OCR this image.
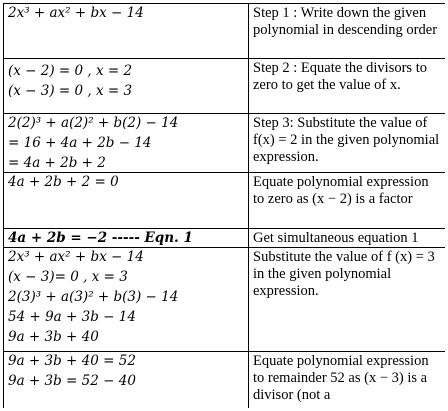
2x³ + ax² + bx − 14	Step 1 : Write down the given polynomial in descending order

(x − 2) = 0 , x = 2
(x − 3) = 0 , x = 3	Step 2 : Equate the divisors to zero to get the value of x.

2(2)³ + a(2)² + b(2) − 14
= 16 + 4a + 2b − 14
= 4a + 2b + 2	Step 3: Substitute the value of f(x) = 2 in the given polynomial expression.

4a + 2b + 2 = 0	Equate polynomial expression to zero as (x − 2) is a factor

4a + 2b = −2 ----- Eqn. 1	Get simultaneous equation 1

2x³ + ax² + bx − 14
(x − 3)= 0 , x = 3
2(3)³ + a(3)² + b(3) − 14
54 + 9a + 3b − 14
9a + 3b + 40	Substitute the value of f (x) = 3 in the given polynomial expression.

9a + 3b + 40 = 52
9a + 3b = 52 − 40	Equate polynomial expression to remainder 52 as (x − 3) is a divisor (not a
